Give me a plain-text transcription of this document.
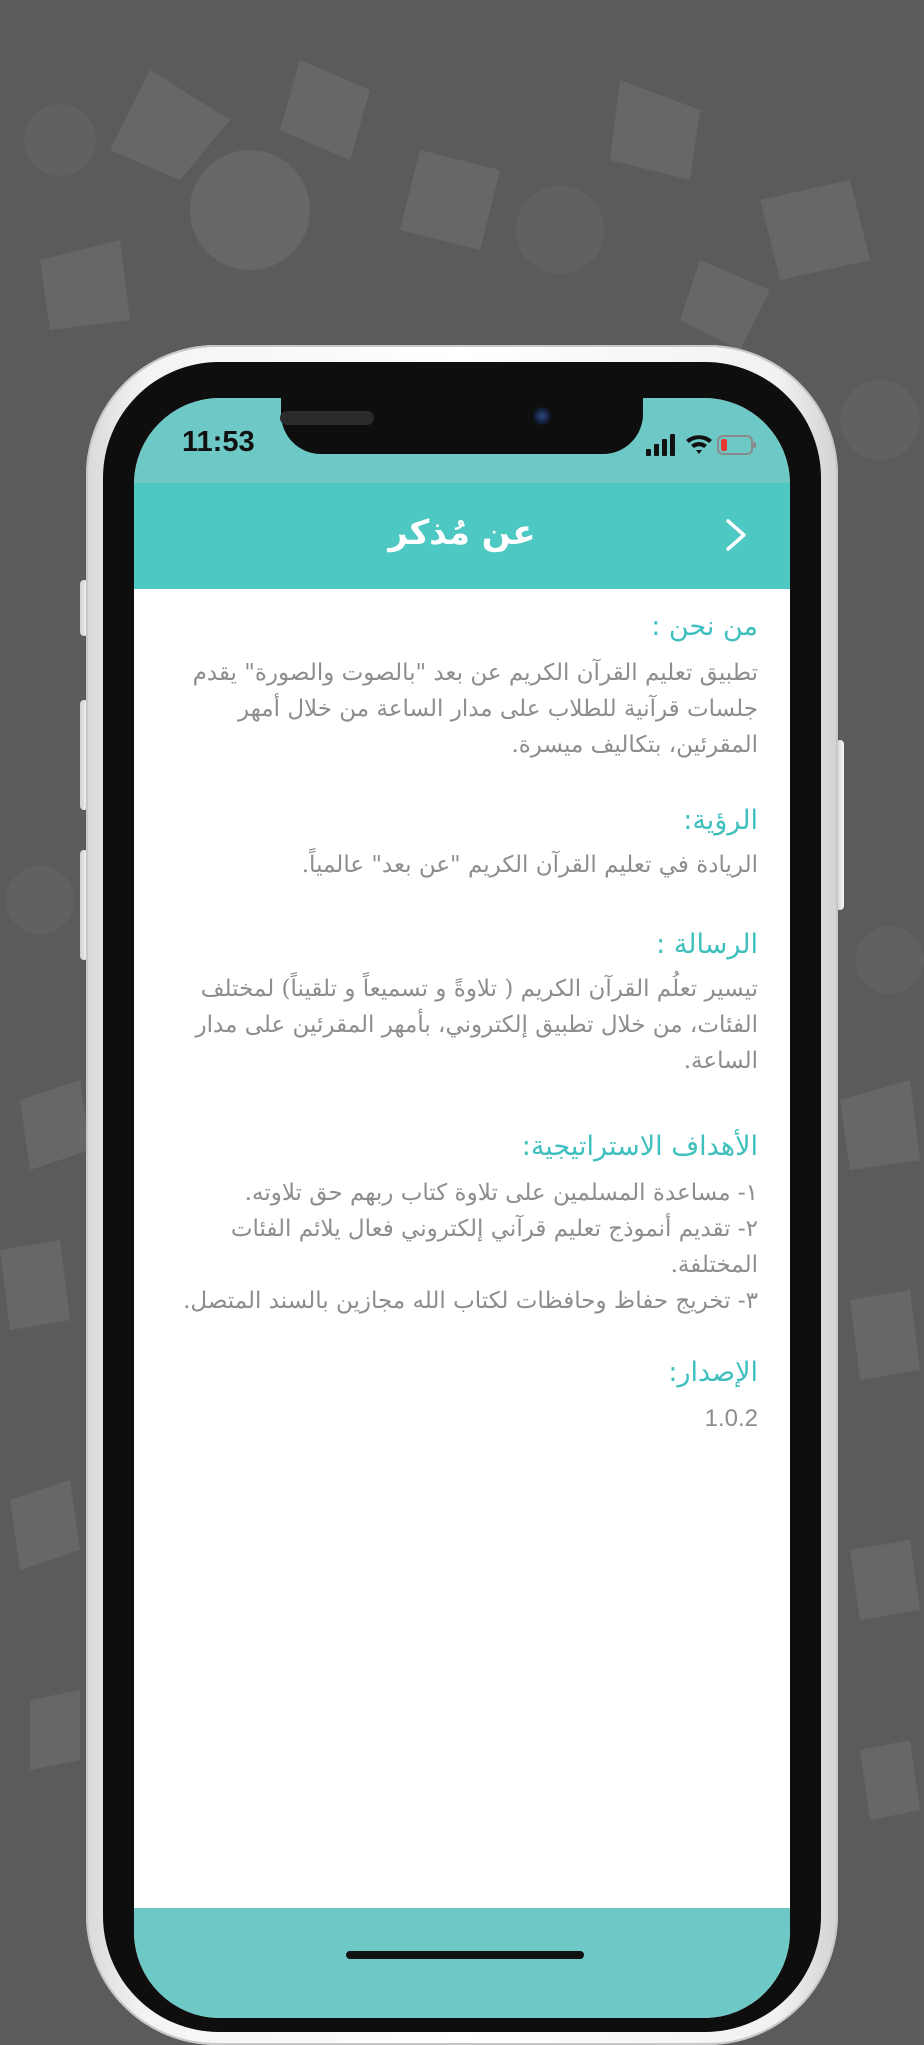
11:53
عن مُذكر

من نحن :

تطبيق تعليم القرآن الكريم عن بعد "بالصوت والصورة" يقدم جلسات قرآنية للطلاب على مدار الساعة من خلال أمهر المقرئين، بتكاليف ميسرة.

الرؤية:

الريادة في تعليم القرآن الكريم "عن بعد" عالمياً.

الرسالة :

تيسير تعلُم القرآن الكريم ( تلاوةً و تسميعاً و تلقيناً) لمختلف الفئات، من خلال تطبيق إلكتروني، بأمهر المقرئين على مدار الساعة.

الأهداف الاستراتيجية:

١- مساعدة المسلمين على تلاوة كتاب ربهم حق تلاوته.
٢- تقديم أنموذج تعليم قرآني إلكتروني فعال يلائم الفئات المختلفة.
٣- تخريج حفاظ وحافظات لكتاب الله مجازين بالسند المتصل.

الإصدار:

1.0.2
